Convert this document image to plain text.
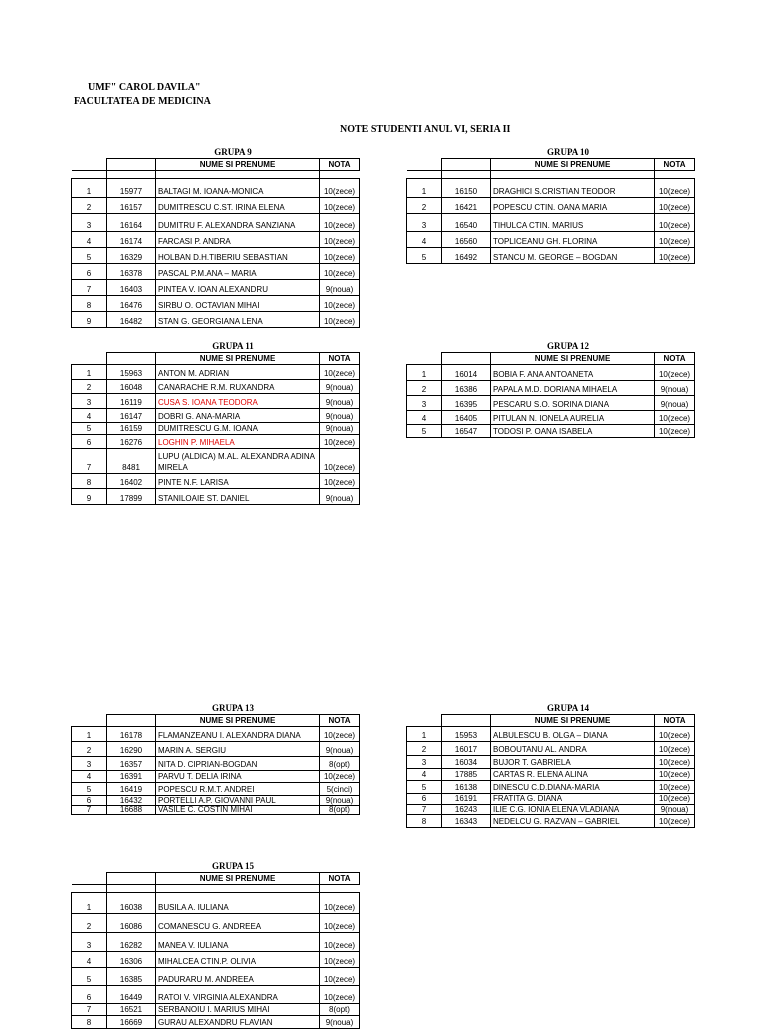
UMF" CAROL DAVILA"
FACULTATEA DE MEDICINA
NOTE STUDENTI ANUL VI, SERIA II
GRUPA 9
		NUME SI PRENUME	NOTA

1	15977	BALTAGI M. IOANA-MONICA	10(zece)
2	16157	DUMITRESCU C.ST. IRINA ELENA	10(zece)
3	16164	DUMITRU F. ALEXANDRA SANZIANA	10(zece)
4	16174	FARCASI P. ANDRA	10(zece)
5	16329	HOLBAN D.H.TIBERIU SEBASTIAN	10(zece)
6	16378	PASCAL P.M.ANA – MARIA	10(zece)
7	16403	PINTEA V. IOAN ALEXANDRU	9(noua)
8	16476	SIRBU O. OCTAVIAN MIHAI	10(zece)
9	16482	STAN G. GEORGIANA LENA	10(zece)
GRUPA 10
		NUME SI PRENUME	NOTA

1	16150	DRAGHICI S.CRISTIAN TEODOR	10(zece)
2	16421	POPESCU CTIN. OANA MARIA	10(zece)
3	16540	TIHULCA CTIN. MARIUS	10(zece)
4	16560	TOPLICEANU GH. FLORINA	10(zece)
5	16492	STANCU M. GEORGE – BOGDAN	10(zece)
GRUPA 11
		NUME SI PRENUME	NOTA
1	15963	ANTON M. ADRIAN	10(zece)
2	16048	CANARACHE R.M. RUXANDRA	9(noua)
3	16119	CUSA S. IOANA TEODORA	9(noua)
4	16147	DOBRI G. ANA-MARIA	9(noua)
5	16159	DUMITRESCU G.M. IOANA	9(noua)
6	16276	LOGHIN P. MIHAELA	10(zece)
7	8481	LUPU (ALDICA) M.AL. ALEXANDRA ADINA MIRELA	10(zece)
8	16402	PINTE N.F. LARISA	10(zece)
9	17899	STANILOAIE ST. DANIEL	9(noua)
GRUPA 12
		NUME SI PRENUME	NOTA
1	16014	BOBIA F. ANA ANTOANETA	10(zece)
2	16386	PAPALA M.D. DORIANA MIHAELA	9(noua)
3	16395	PESCARU S.O. SORINA DIANA	9(noua)
4	16405	PITULAN N. IONELA AURELIA	10(zece)
5	16547	TODOSI P. OANA ISABELA	10(zece)
GRUPA 13
		NUME SI PRENUME	NOTA
1	16178	FLAMANZEANU I. ALEXANDRA DIANA	10(zece)
2	16290	MARIN A. SERGIU	9(noua)
3	16357	NITA D. CIPRIAN-BOGDAN	8(opt)
4	16391	PARVU T. DELIA IRINA	10(zece)
5	16419	POPESCU R.M.T. ANDREI	5(cinci)
6	16432	PORTELLI A.P. GIOVANNI PAUL	9(noua)
7	16688	VASILE C. COSTIN MIHAI	8(opt)
GRUPA 14
		NUME SI PRENUME	NOTA
1	15953	ALBULESCU B. OLGA – DIANA	10(zece)
2	16017	BOBOUTANU AL. ANDRA	10(zece)
3	16034	BUJOR T. GABRIELA	10(zece)
4	17885	CARTAS R. ELENA ALINA	10(zece)
5	16138	DINESCU C.D.DIANA-MARIA	10(zece)
6	16191	FRATITA G. DIANA	10(zece)
7	16243	ILIE C.G. IONIA ELENA VLADIANA	9(noua)
8	16343	NEDELCU G. RAZVAN – GABRIEL	10(zece)
GRUPA 15
		NUME SI PRENUME	NOTA

1	16038	BUSILA A. IULIANA	10(zece)
2	16086	COMANESCU G. ANDREEA	10(zece)
3	16282	MANEA V. IULIANA	10(zece)
4	16306	MIHALCEA CTIN.P. OLIVIA	10(zece)
5	16385	PADURARU M. ANDREEA	10(zece)
6	16449	RATOI V. VIRGINIA ALEXANDRA	10(zece)
7	16521	SERBANOIU I. MARIUS MIHAI	8(opt)
8	16669	GURAU ALEXANDRU FLAVIAN	9(noua)
